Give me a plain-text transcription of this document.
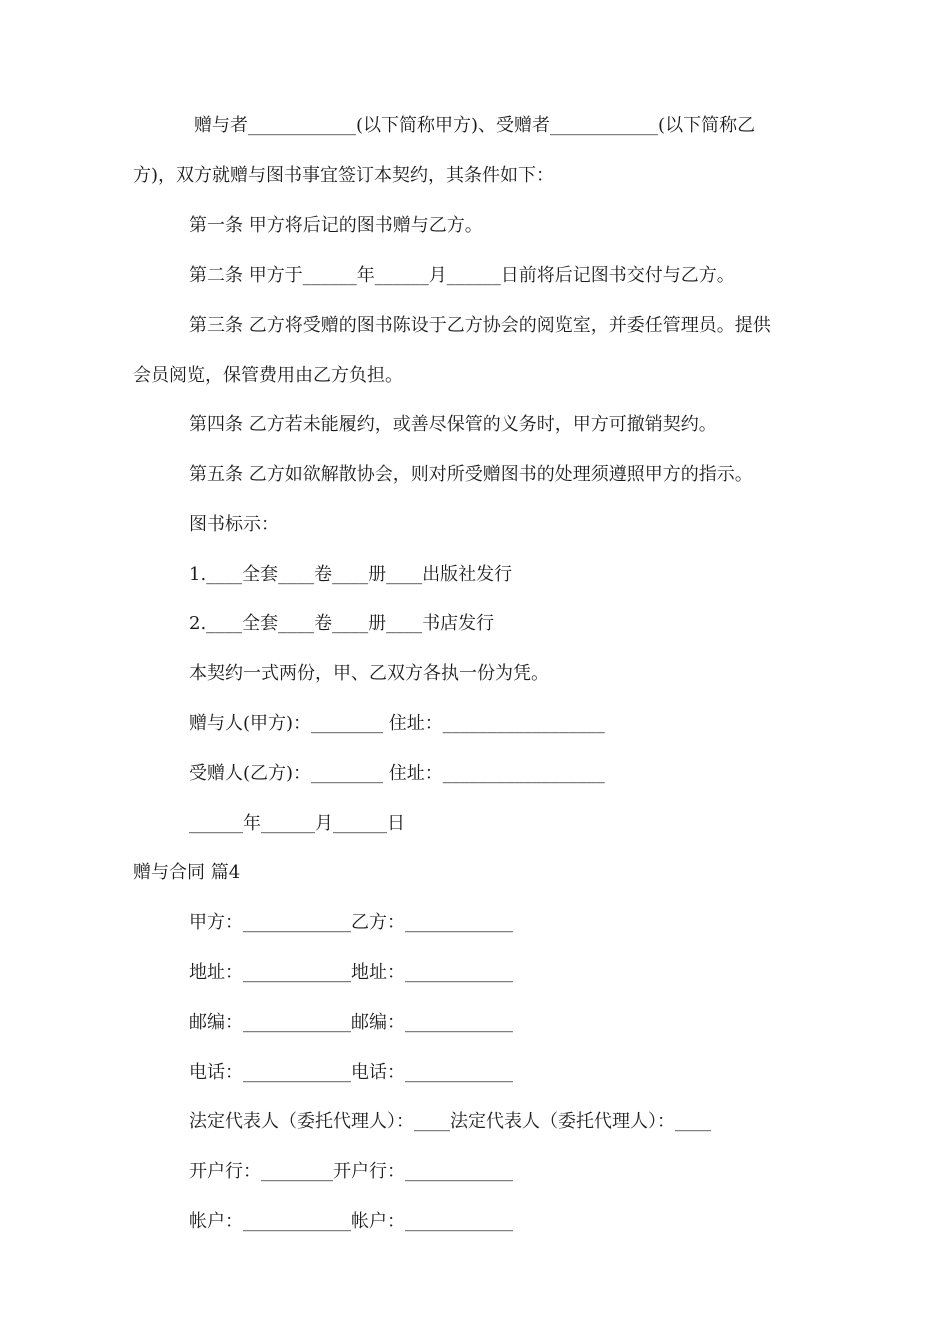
赠与者____________(以下简称甲方)、受赠者____________(以下简称乙
方)，双方就赠与图书事宜签订本契约，其条件如下：
第一条 甲方将后记的图书赠与乙方。
第二条 甲方于______年______月______日前将后记图书交付与乙方。
第三条 乙方将受赠的图书陈设于乙方协会的阅览室，并委任管理员。提供
会员阅览，保管费用由乙方负担。
第四条 乙方若未能履约，或善尽保管的义务时，甲方可撤销契约。
第五条 乙方如欲解散协会，则对所受赠图书的处理须遵照甲方的指示。
图书标示：
1.____全套____卷____册____出版社发行
2.____全套____卷____册____书店发行
本契约一式两份，甲、乙双方各执一份为凭。
赠与人(甲方)：________ 住址：__________________
受赠人(乙方)：________ 住址：__________________
______年______月______日
赠与合同 篇4
甲方：____________乙方：____________
地址：____________地址：____________
邮编：____________邮编：____________
电话：____________电话：____________
法定代表人（委托代理人）：____法定代表人（委托代理人）：____
开户行：________开户行：____________
帐户：____________帐户：____________
